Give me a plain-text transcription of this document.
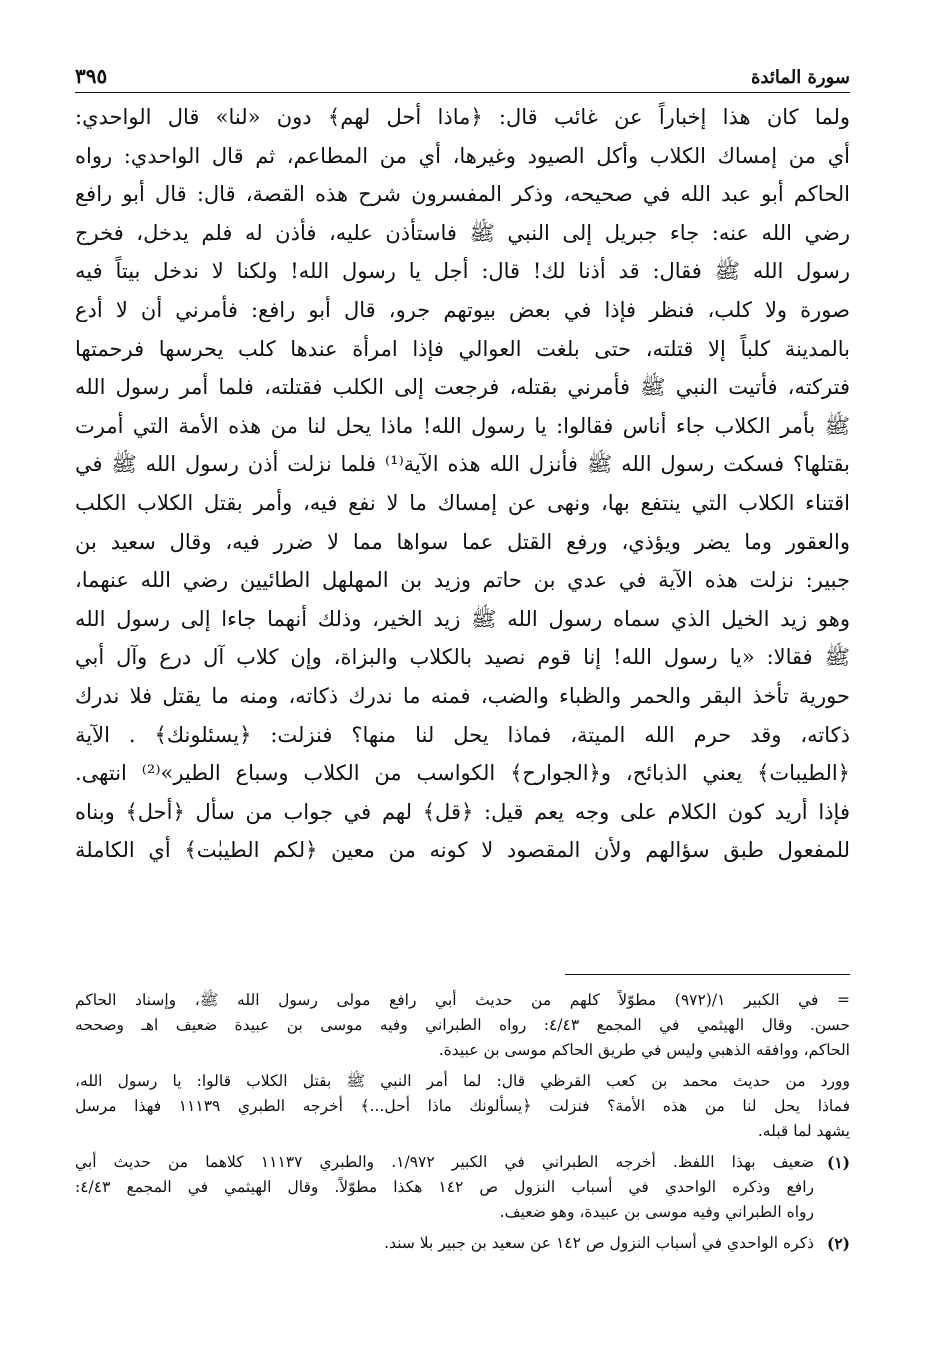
٣٩٥	سورة المائدة
ولما كان هذا إخباراً عن غائب قال: ﴿ماذا أحل لهم﴾ دون «لنا» قال الواحدي:
أي من إمساك الكلاب وأكل الصيود وغيرها، أي من المطاعم، ثم قال الواحدي: رواه
الحاكم أبو عبد الله في صحيحه، وذكر المفسرون شرح هذه القصة، قال: قال أبو رافع
رضي الله عنه: جاء جبريل إلى النبي ﷺ فاستأذن عليه، فأذن له فلم يدخل، فخرج
رسول الله ﷺ فقال: قد أذنا لك! قال: أجل يا رسول الله! ولكنا لا ندخل بيتاً فيه
صورة ولا كلب، فنظر فإذا في بعض بيوتهم جرو، قال أبو رافع: فأمرني أن لا أدع
بالمدينة كلباً إلا قتلته، حتى بلغت العوالي فإذا امرأة عندها كلب يحرسها فرحمتها
فتركته، فأتيت النبي ﷺ فأمرني بقتله، فرجعت إلى الكلب فقتلته، فلما أمر رسول الله
ﷺ بأمر الكلاب جاء أناس فقالوا: يا رسول الله! ماذا يحل لنا من هذه الأمة التي أمرت
بقتلها؟ فسكت رسول الله ﷺ فأنزل الله هذه الآية⁽¹⁾ فلما نزلت أذن رسول الله ﷺ في
اقتناء الكلاب التي ينتفع بها، ونهى عن إمساك ما لا نفع فيه، وأمر بقتل الكلاب الكلب
والعقور وما يضر ويؤذي، ورفع القتل عما سواها مما لا ضرر فيه، وقال سعيد بن
جبير: نزلت هذه الآية في عدي بن حاتم وزيد بن المهلهل الطائيين رضي الله عنهما،
وهو زيد الخيل الذي سماه رسول الله ﷺ زيد الخير، وذلك أنهما جاءا إلى رسول الله
ﷺ فقالا: «يا رسول الله! إنا قوم نصيد بالكلاب والبزاة، وإن كلاب آل درع وآل أبي
حورية تأخذ البقر والحمر والظباء والضب، فمنه ما ندرك ذكاته، ومنه ما يقتل فلا ندرك
ذكاته، وقد حرم الله الميتة، فماذا يحل لنا منها؟ فنزلت: ﴿يسئلونك﴾ . الآية
﴿الطيبات﴾ يعني الذبائح، و﴿الجوارح﴾ الكواسب من الكلاب وسباع الطير»⁽²⁾ انتهى.
فإذا أريد كون الكلام على وجه يعم قيل: ﴿قل﴾ لهم في جواب من سأل ﴿أحل﴾ وبناه
للمفعول طبق سؤالهم ولأن المقصود لا كونه من معين ﴿لكم الطيبٰت﴾ أي الكاملة
= في الكبير ١/(٩٧٢) مطوّلاً كلهم من حديث أبي رافع مولى رسول الله ﷺ، وإسناد الحاكم
حسن. وقال الهيثمي في المجمع ٤/٤٣: رواه الطبراني وفيه موسى بن عبيدة ضعيف اهـ وصححه
الحاكم، ووافقه الذهبي وليس في طريق الحاكم موسى بن عبيدة.
وورد من حديث محمد بن كعب القرظي قال: لما أمر النبي ﷺ بقتل الكلاب قالوا: يا رسول الله،
فماذا يحل لنا من هذه الأمة؟ فنزلت ﴿يسألونك ماذا أحل...﴾ أخرجه الطبري ١١١٣٩ فهذا مرسل
يشهد لما قبله.
(١)
ضعيف بهذا اللفظ. أخرجه الطبراني في الكبير ١/٩٧٢. والطبري ١١١٣٧ كلاهما من حديث أبي
رافع وذكره الواحدي في أسباب النزول ص ١٤٢ هكذا مطوّلاً. وقال الهيثمي في المجمع ٤/٤٣:
رواه الطبراني وفيه موسى بن عبيدة، وهو ضعيف.
(٢)
ذكره الواحدي في أسباب النزول ص ١٤٢ عن سعيد بن جبير بلا سند.
